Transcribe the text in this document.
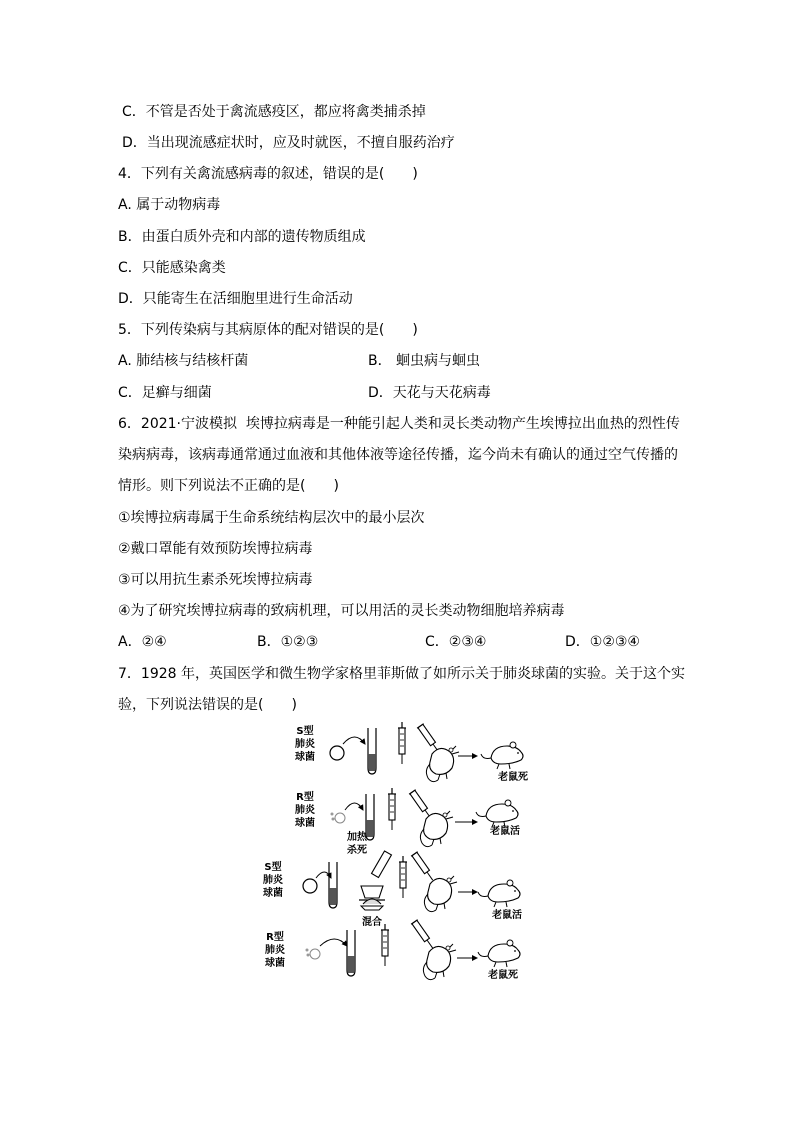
C．不管是否处于禽流感疫区，都应将禽类捕杀掉
D．当出现流感症状时，应及时就医，不擅自服药治疗
4．下列有关禽流感病毒的叙述，错误的是(　　)
A. 属于动物病毒
B．由蛋白质外壳和内部的遗传物质组成
C．只能感染禽类
D．只能寄生在活细胞里进行生命活动
5．下列传染病与其病原体的配对错误的是(　　)
A. 肺结核与结核杆菌	B． 蛔虫病与蛔虫
C．足癣与细菌	D．天花与天花病毒
6．2021·宁波模拟  埃博拉病毒是一种能引起人类和灵长类动物产生埃博拉出血热的烈性传
染病病毒，该病毒通常通过血液和其他体液等途径传播，迄今尚未有确认的通过空气传播的
情形。则下列说法不正确的是(　　)
①埃博拉病毒属于生命系统结构层次中的最小层次
②戴口罩能有效预防埃博拉病毒
③可以用抗生素杀死埃博拉病毒
④为了研究埃博拉病毒的致病机理，可以用活的灵长类动物细胞培养病毒
A．②④	B．①②③	C．②③④	D．①②③④
7．1928 年，英国医学和微生物学家格里菲斯做了如所示关于肺炎球菌的实验。关于这个实
验，下列说法错误的是(　　)
S型
肺炎
球菌
老鼠死
R型
肺炎
球菌
老鼠活
S型
肺炎
球菌
加热
杀死
混合
老鼠活
R型
肺炎
球菌
老鼠死
